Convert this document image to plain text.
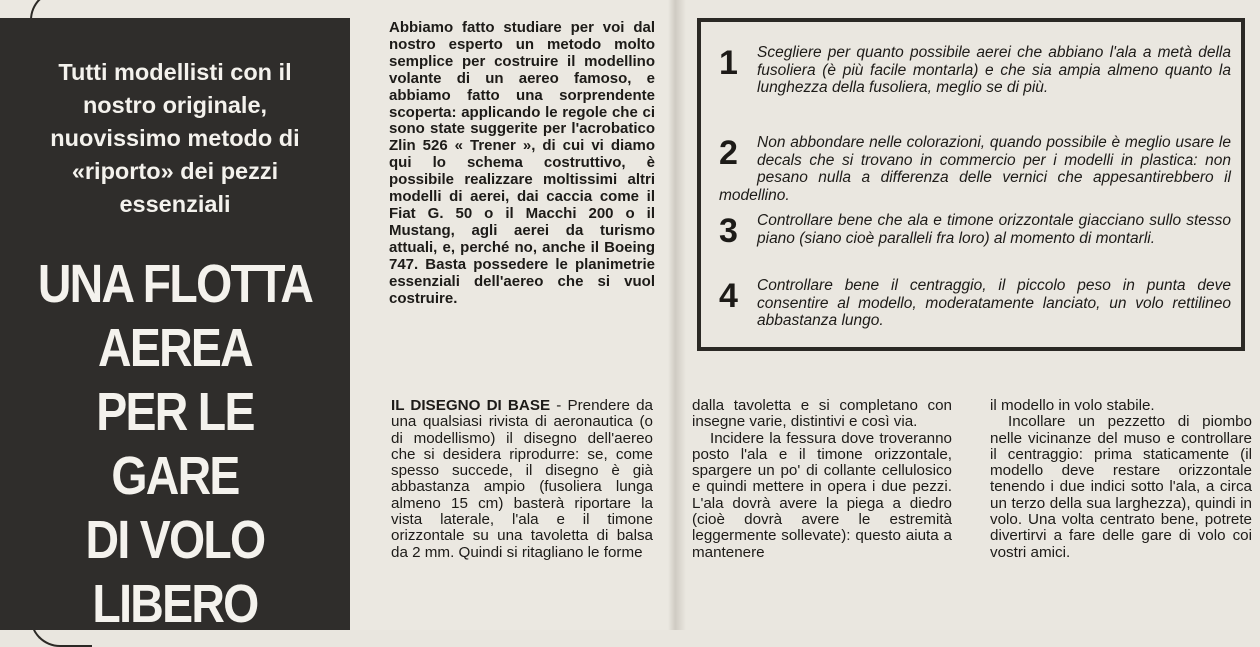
Tutti modellisti con il nostro originale, nuovissimo metodo di «riporto» dei pezzi essenziali
UNA FLOTTA
AEREA
PER LE GARE
DI VOLO
LIBERO
Abbiamo fatto studiare per voi dal nostro esperto un metodo molto semplice per costruire il modellino volante di un aereo famoso, e abbiamo fatto una sorprendente scoperta: applicando le regole che ci sono state suggerite per l'acrobatico Zlin 526 « Trener », di cui vi diamo qui lo schema costruttivo, è possibile realizzare moltissimi altri modelli di aerei, dai caccia come il Fiat G. 50 o il Macchi 200 o il Mustang, agli aerei da turismo attuali, e, perché no, anche il Boeing 747. Basta possedere le planimetrie essenziali dell'aereo che si vuol costruire.

IL DISEGNO DI BASE - Prendere da una qualsiasi rivista di aeronautica (o di modellismo) il disegno dell'aereo che si desidera riprodurre: se, come spesso succede, il disegno è già abbastanza ampio (fusoliera lunga almeno 15 cm) basterà riportare la vista laterale, l'ala e il timone orizzontale su una tavoletta di balsa da 2 mm. Quindi si ritagliano le forme

dalla tavoletta e si completano con insegne varie, distintivi e così via.

Incidere la fessura dove troveranno posto l'ala e il timone orizzontale, spargere un po' di collante cellulosico e quindi mettere in opera i due pezzi. L'ala dovrà avere la piega a diedro (cioè dovrà avere le estremità leggermente sollevate): questo aiuta a mantenere

il modello in volo stabile.

Incollare un pezzetto di piombo nelle vicinanze del muso e controllare il centraggio: prima staticamente (il modello deve restare orizzontale tenendo i due indici sotto l'ala, a circa un terzo della sua larghezza), quindi in volo. Una volta centrato bene, potrete divertirvi a fare delle gare di volo coi vostri amici.

1	Scegliere per quanto possibile aerei che abbiano l'ala a metà della fusoliera (è più facile montarla) e che sia ampia almeno quanto la lunghezza della fusoliera, meglio se di più.
2	Non abbondare nelle colorazioni, quando possibile è meglio usare le decals che si trovano in commercio per i modelli in plastica: non pesano nulla a differenza delle vernici che appesantirebbero il modellino.
3	Controllare bene che ala e timone orizzontale giacciano sullo stesso piano (siano cioè paralleli fra loro) al momento di montarli.
4	Controllare bene il centraggio, il piccolo peso in punta deve consentire al modello, moderatamente lanciato, un volo rettilineo abbastanza lungo.
